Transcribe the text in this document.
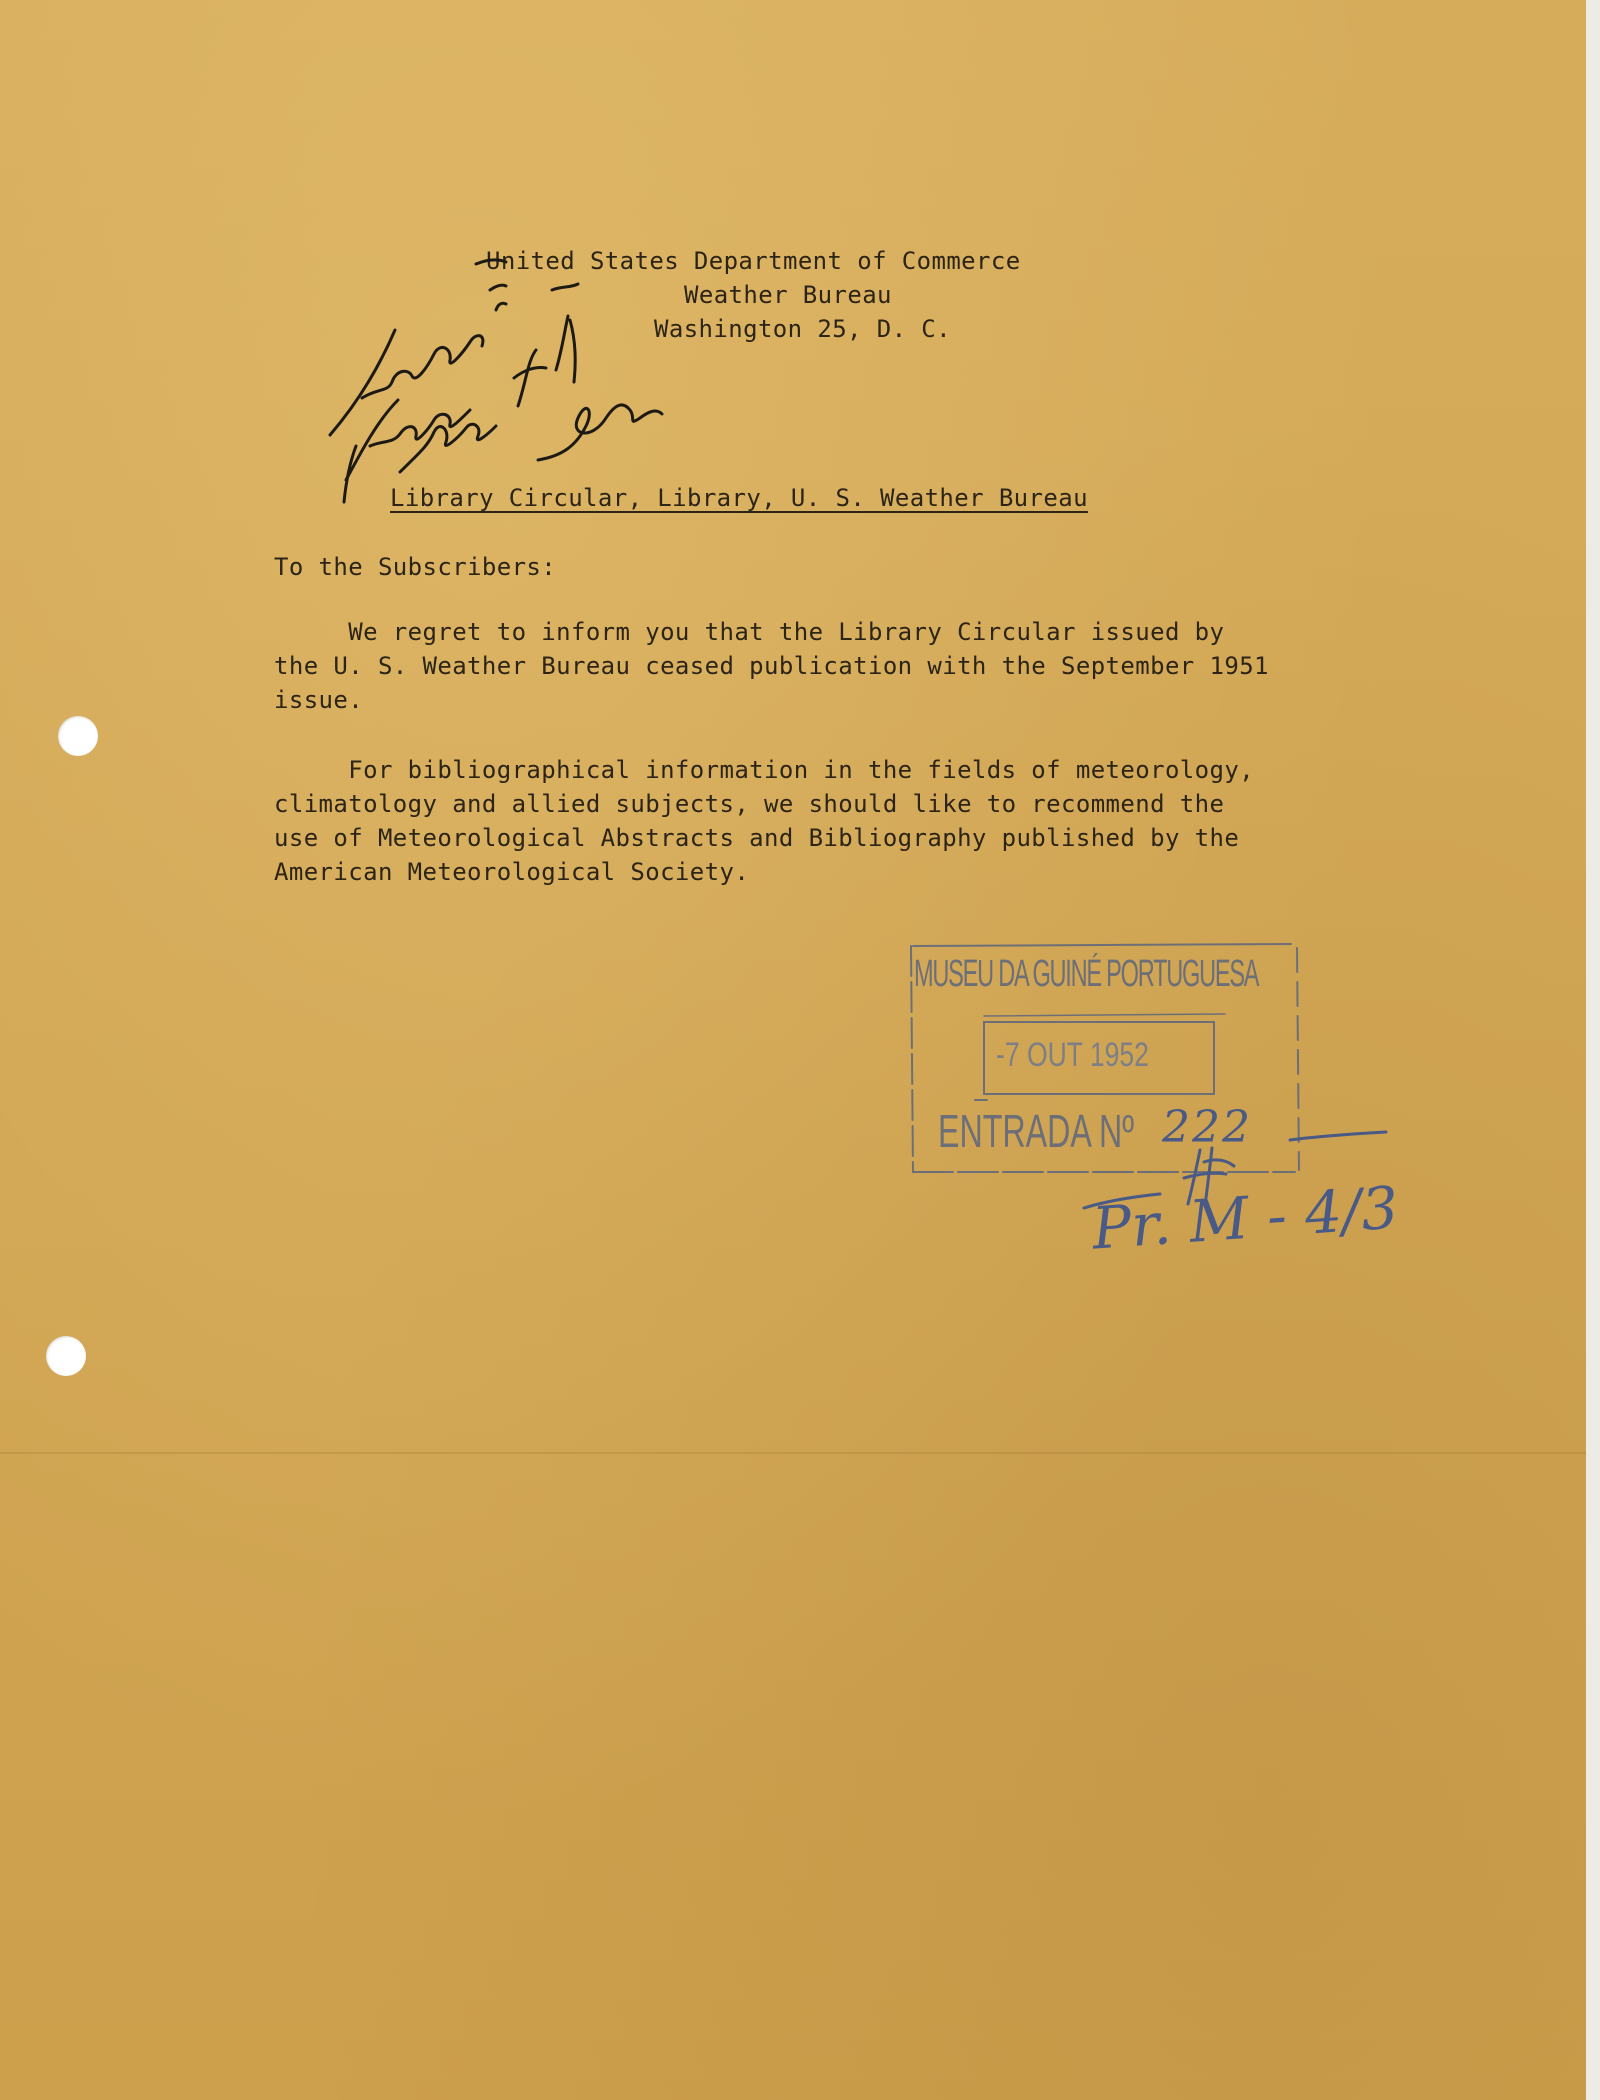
United States Department of Commerce
Weather Bureau
Washington 25, D. C.
Library Circular, Library, U. S. Weather Bureau
To the Subscribers:
We regret to inform you that the Library Circular issued by
the U. S. Weather Bureau ceased publication with the September 1951
issue.
For bibliographical information in the fields of meteorology,
climatology and allied subjects, we should like to recommend the
use of Meteorological Abstracts and Bibliography published by the
American Meteorological Society.
MUSEU DA GUINÉ PORTUGUESA
-7 OUT 1952
ENTRADA Nº 222
Pr. M - 4/3
